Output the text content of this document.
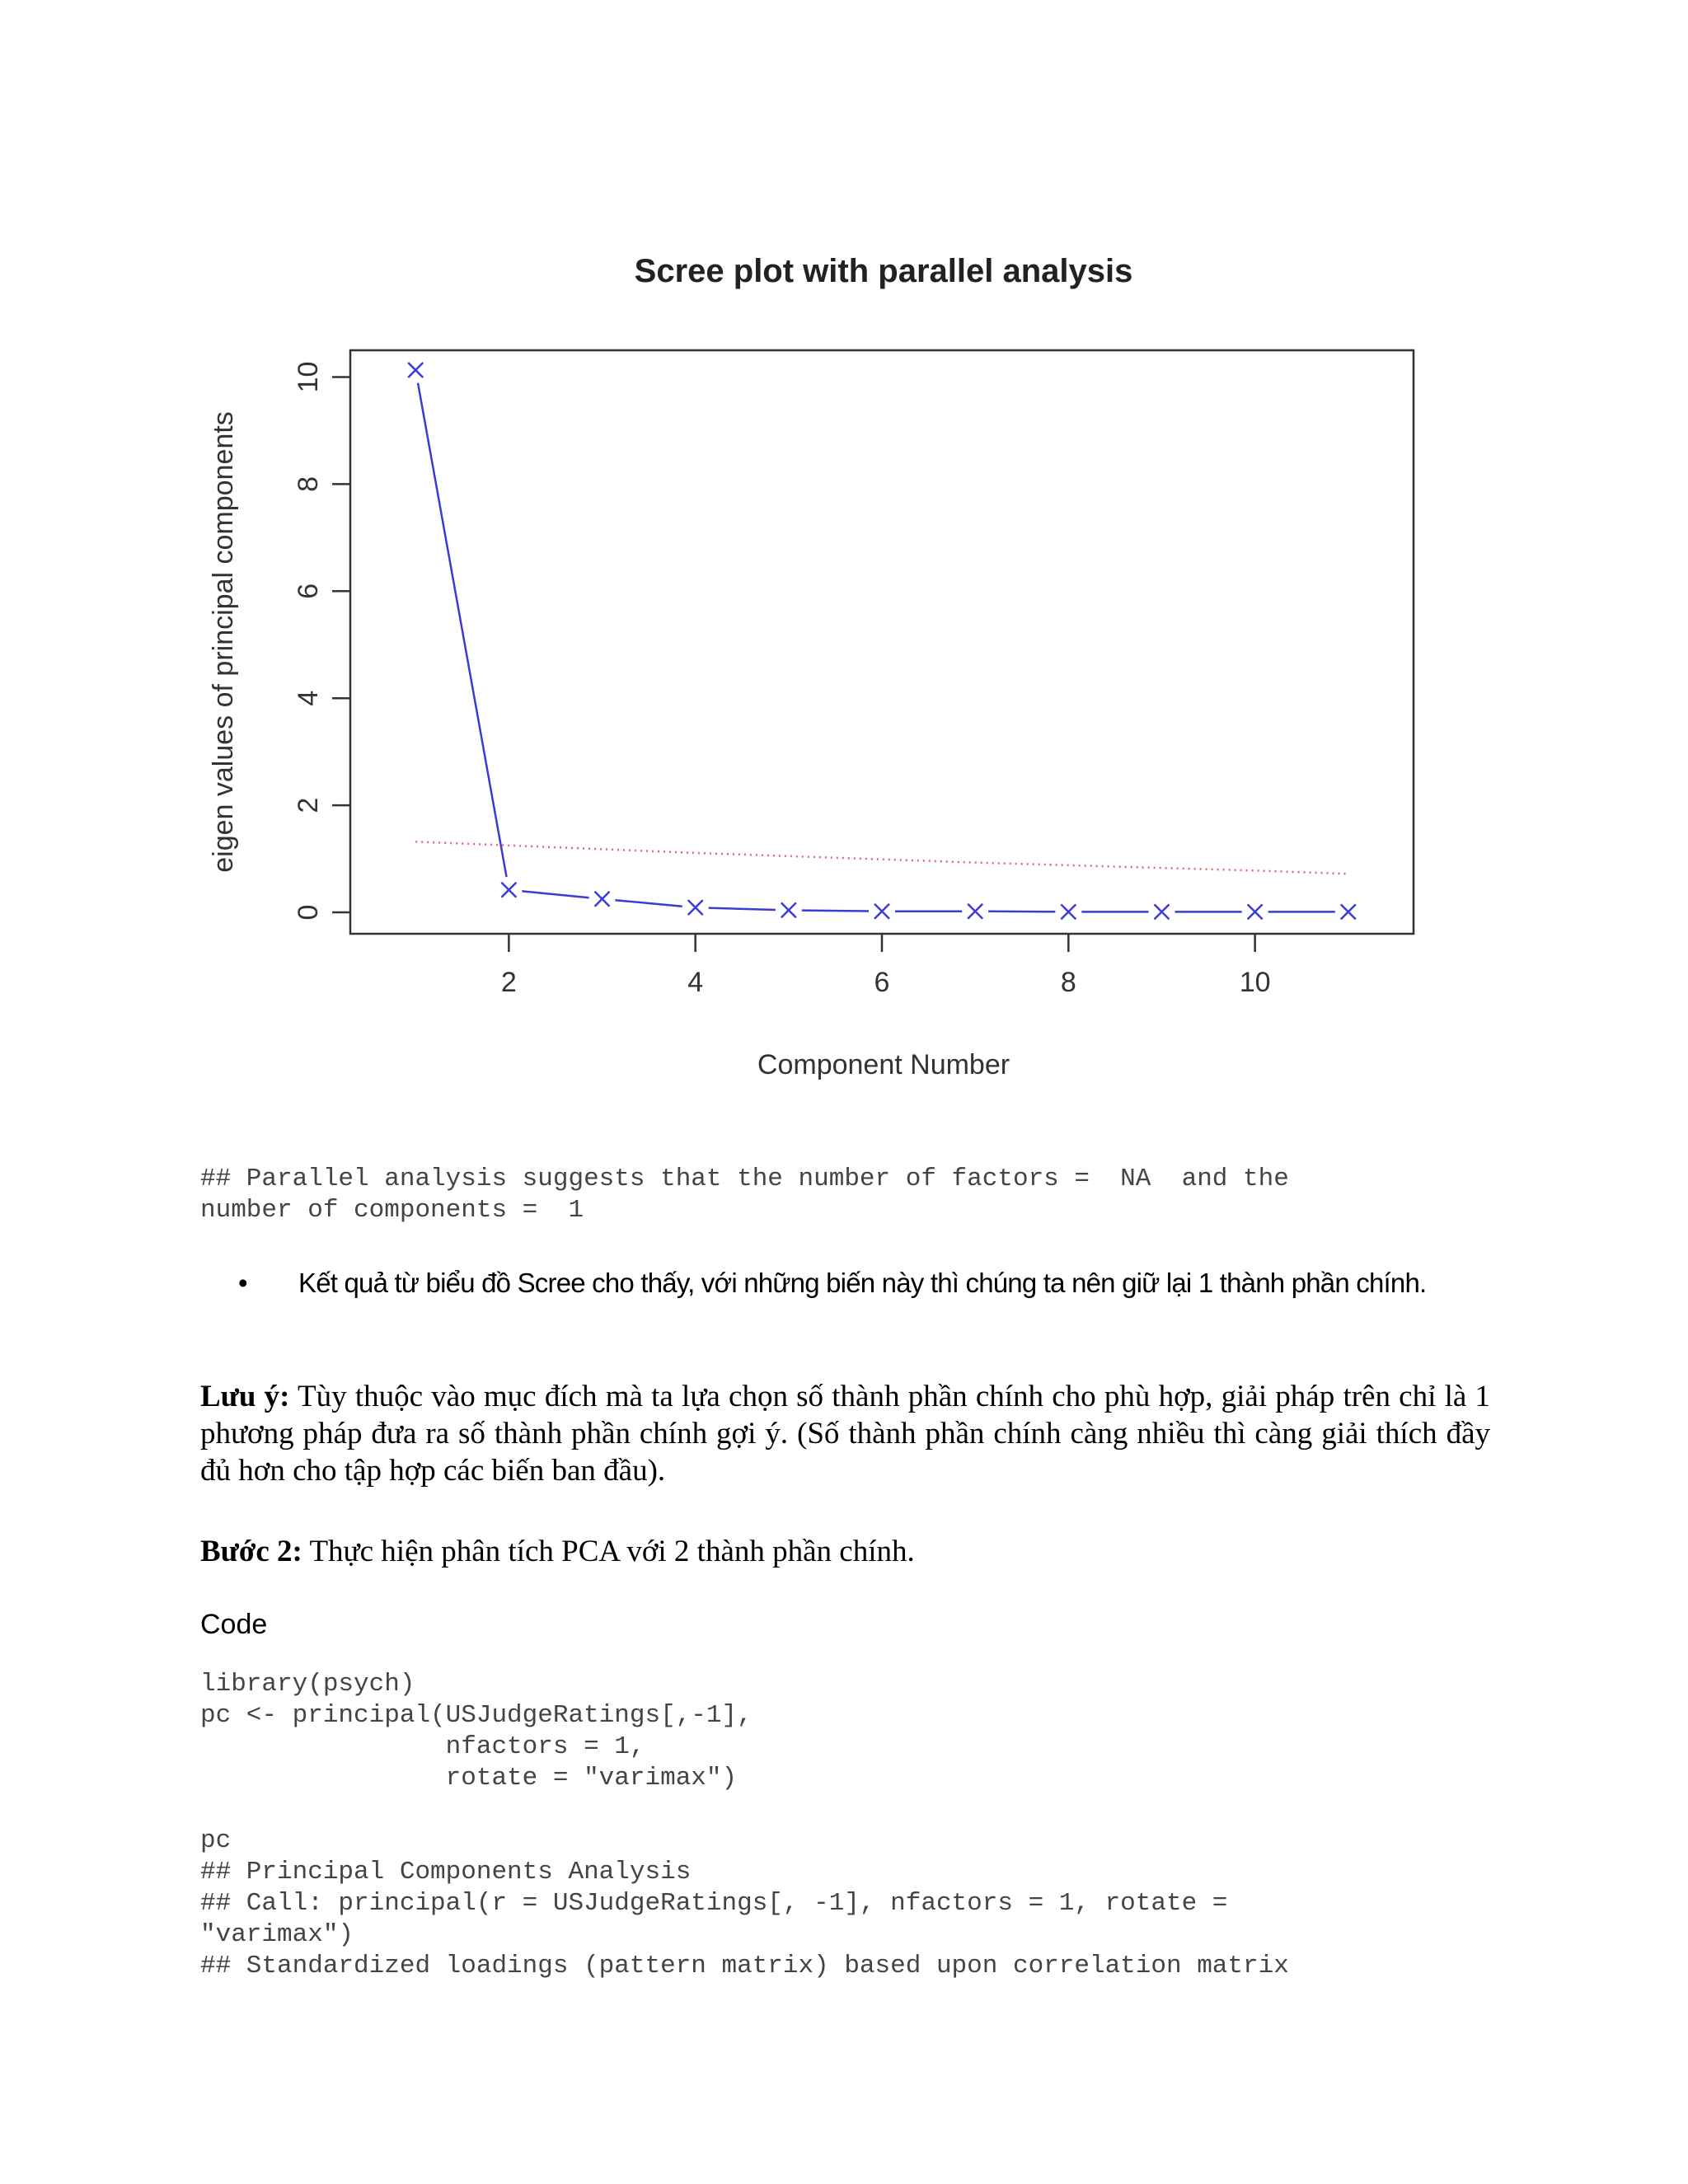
Scree plot with parallel analysis
2	4	6	8	10
0
2
4
6
8
10
Component Number
eigen values of principal components

## Parallel analysis suggests that the number of factors =  NA  and the

number of components =  1

• Kết quả từ biểu đồ Scree cho thấy, với những biến này thì chúng ta nên giữ lại 1 thành phần chính.
Lưu ý: Tùy thuộc vào mục đích mà ta lựa chọn số thành phần chính cho phù hợp, giải pháp trên chỉ là 1 phương pháp đưa ra số thành phần chính gợi ý. (Số thành phần chính càng nhiều thì càng giải thích đầy đủ hơn cho tập hợp các biến ban đầu).
Bước 2: Thực hiện phân tích PCA với 2 thành phần chính.
Code
library(psych)
pc <- principal(USJudgeRatings[,-1],
nfactors = 1,
rotate = "varimax")
pc
## Principal Components Analysis
## Call: principal(r = USJudgeRatings[, -1], nfactors = 1, rotate =
"varimax")
## Standardized loadings (pattern matrix) based upon correlation matrix
